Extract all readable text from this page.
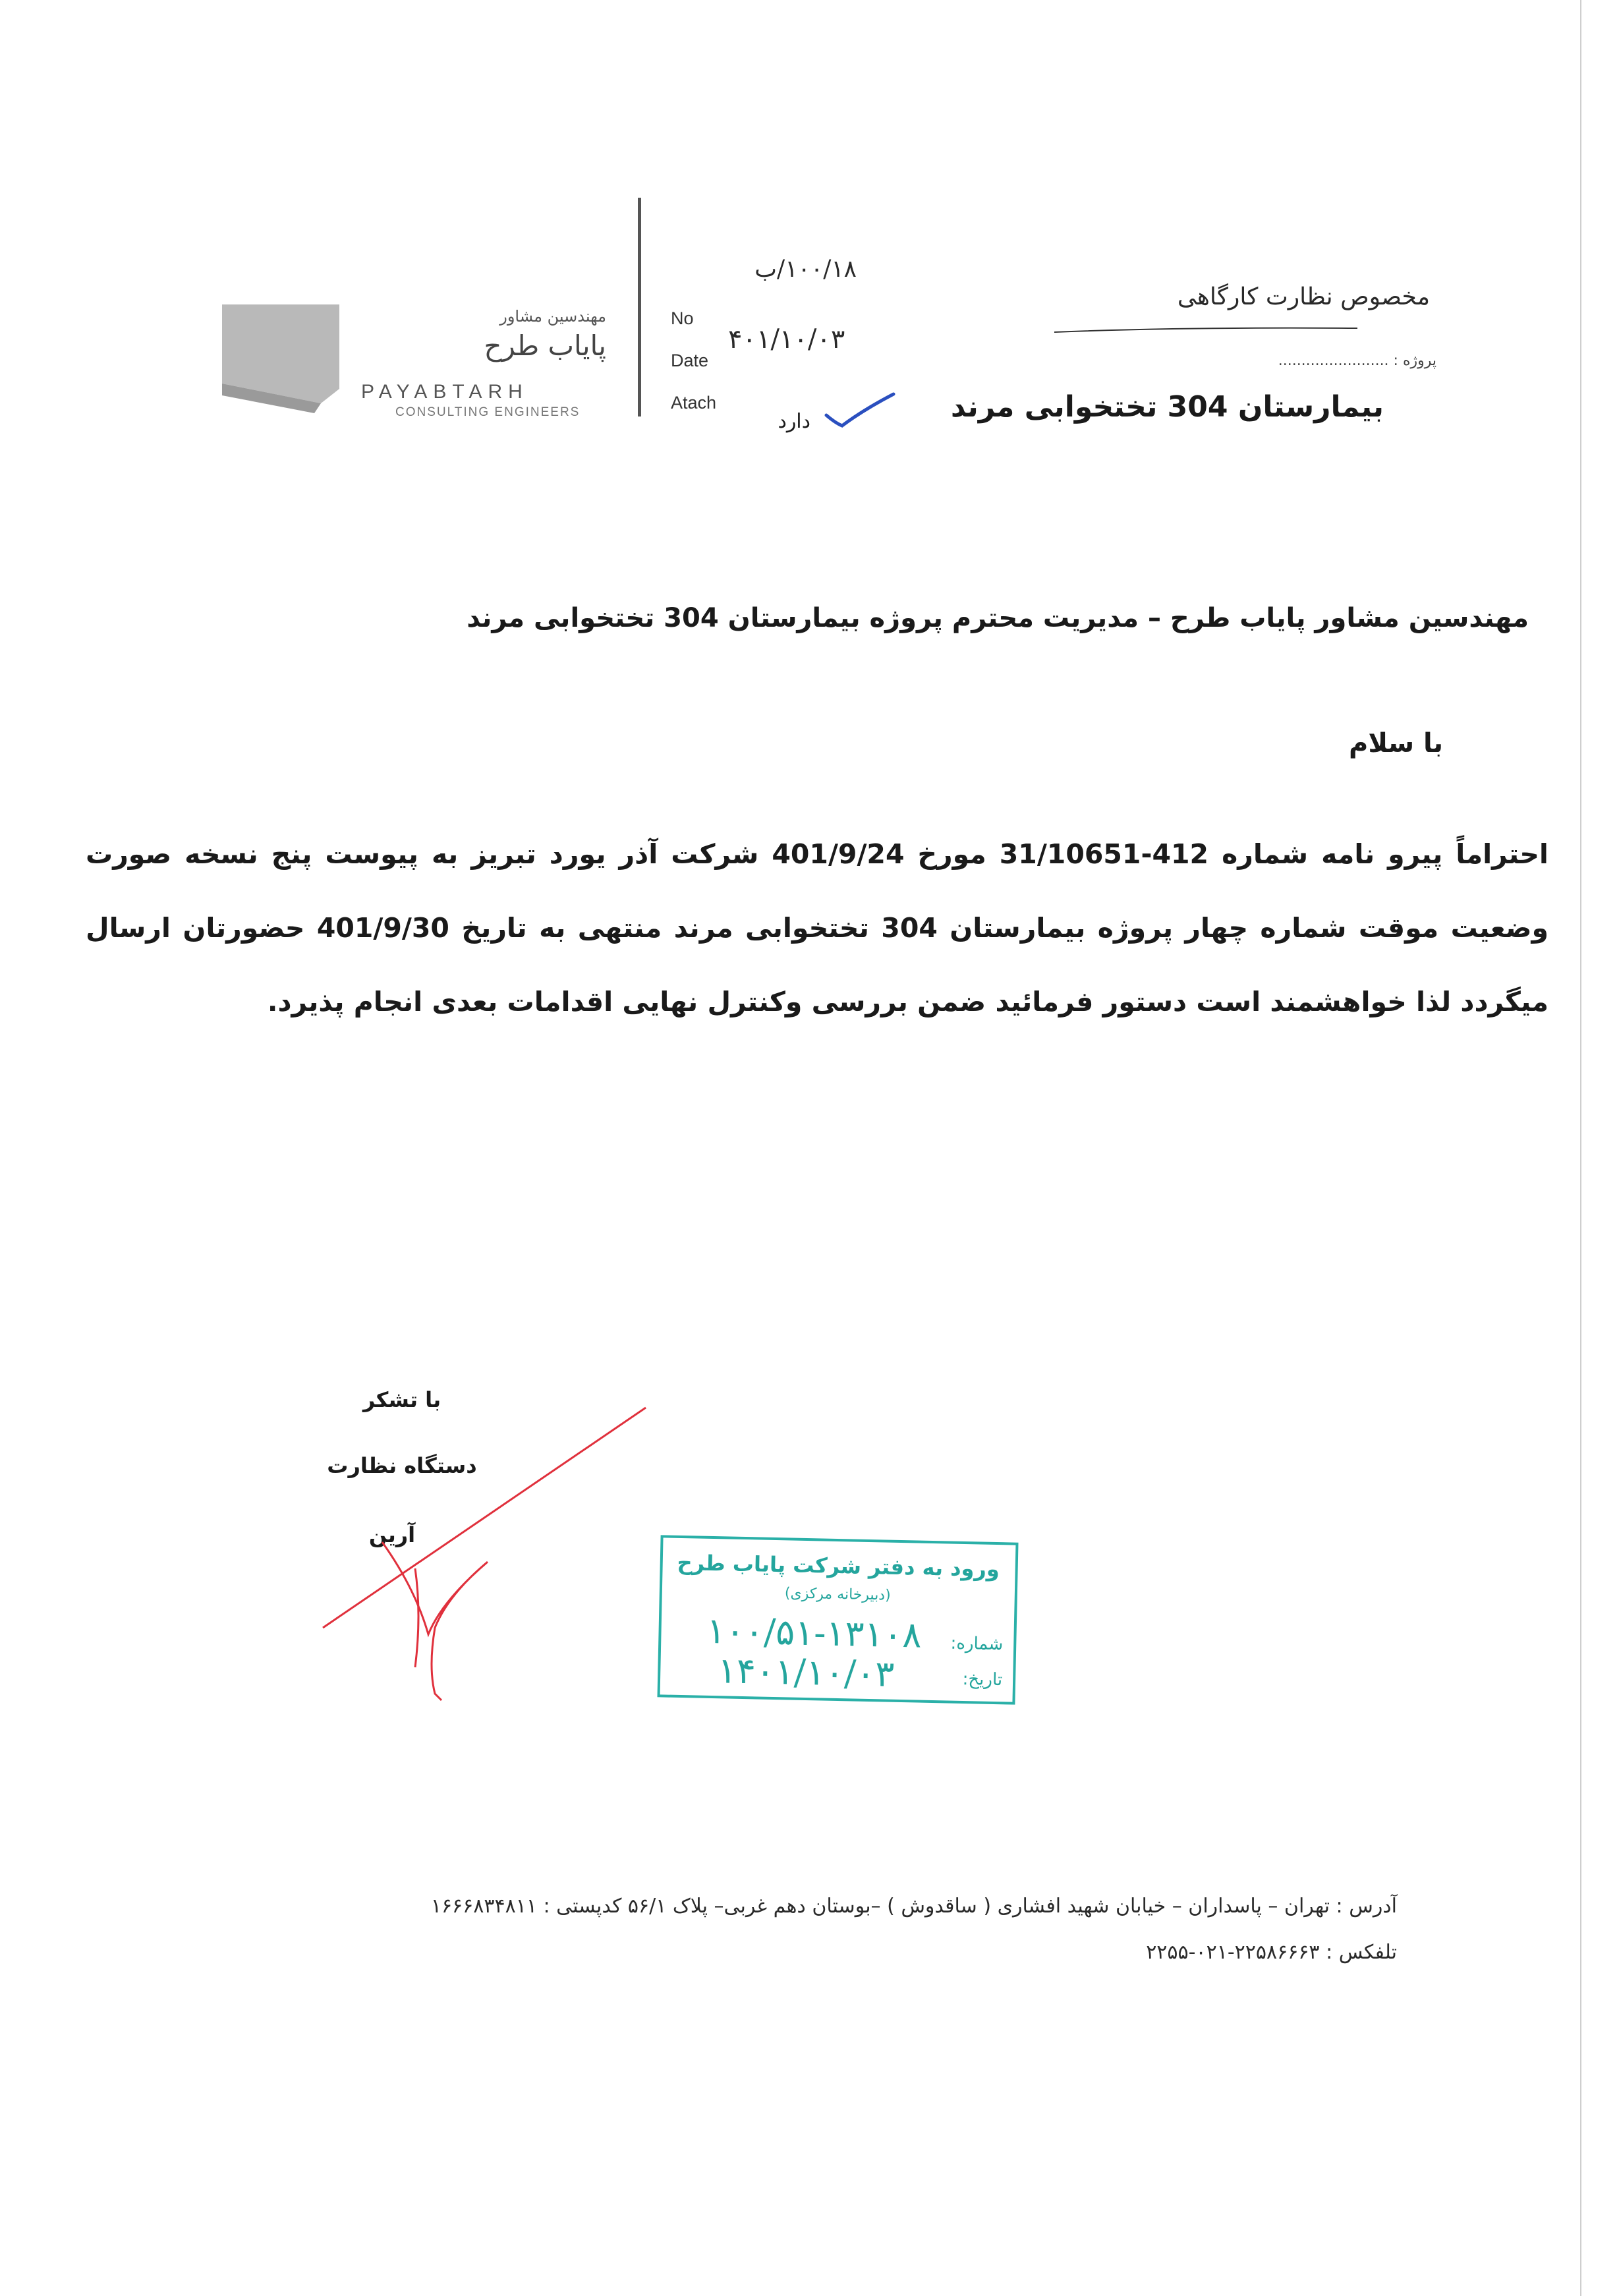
مهندسین مشاور
پایاب طرح
PAYABTARH
CONSULTING ENGINEERS
No
۱۰۰/۱۸/ب
Date
۴۰۱/۱۰/۰۳
Atach
دارد
مخصوص نظارت کارگاهی
پروژه : ........................
بیمارستان 304 تختخوابی مرند
مهندسین مشاور پایاب طرح – مدیریت محترم پروژه بیمارستان 304 تختخوابی مرند
با سلام
احتراماً پیرو نامه شماره 412-31/10651 مورخ 401/9/24 شرکت آذر یورد تبریز به پیوست پنج نسخه صورت وضعیت موقت شماره چهار پروژه بیمارستان 304 تختخوابی مرند منتهی به تاریخ 401/9/30 حضورتان ارسال میگردد لذا خواهشمند است دستور فرمائید ضمن بررسی وکنترل نهایی اقدامات بعدی انجام پذیرد.
با تشکر
دستگاه نظارت
آرین
ورود به دفتر شرکت پایاب طرح
(دبیرخانه مرکزی)
شماره:
۱۰۰/۵۱-۱۳۱۰۸
تاریخ:
۱۴۰۱/۱۰/۰۳
آدرس : تهران – پاسداران – خیابان شهید افشاری ( ساقدوش ) –بوستان دهم غربی– پلاک ۵۶/۱ کدپستی : ۱۶۶۶۸۳۴۸۱۱
تلفکس : ۲۲۵۸۶۶۶۳-۰۲۱-۲۲۵۵
